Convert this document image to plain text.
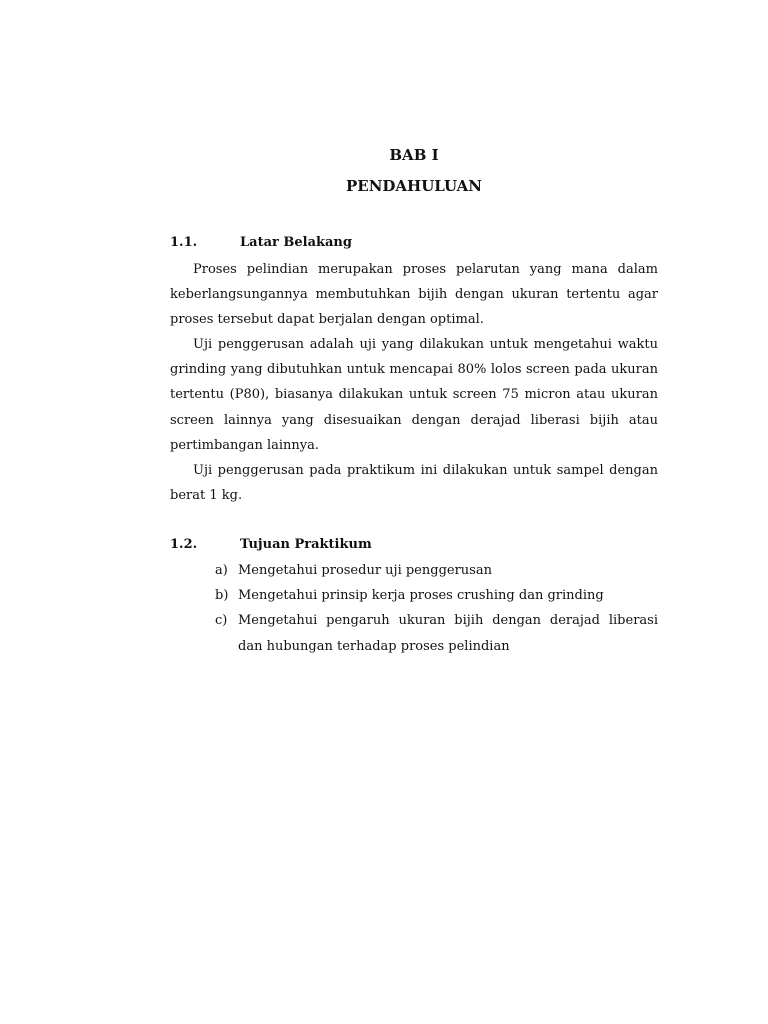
BAB I
PENDAHULUAN
1.1.	Latar Belakang

Proses pelindian merupakan proses pelarutan yang mana dalam keberlangsungannya membutuhkan bijih dengan ukuran tertentu agar proses tersebut dapat berjalan dengan optimal.

Uji penggerusan adalah uji yang dilakukan untuk mengetahui waktu grinding yang dibutuhkan untuk mencapai 80% lolos screen pada ukuran tertentu (P80), biasanya dilakukan untuk screen 75 micron atau ukuran screen lainnya yang disesuaikan dengan derajad liberasi bijih atau pertimbangan lainnya.

Uji penggerusan pada praktikum ini dilakukan untuk sampel dengan berat 1 kg.

1.2.	Tujuan Praktikum
a) Mengetahui prosedur uji penggerusan
b) Mengetahui prinsip kerja proses crushing dan grinding
c) Mengetahui pengaruh ukuran bijih dengan derajad liberasi dan hubungan terhadap proses pelindian
